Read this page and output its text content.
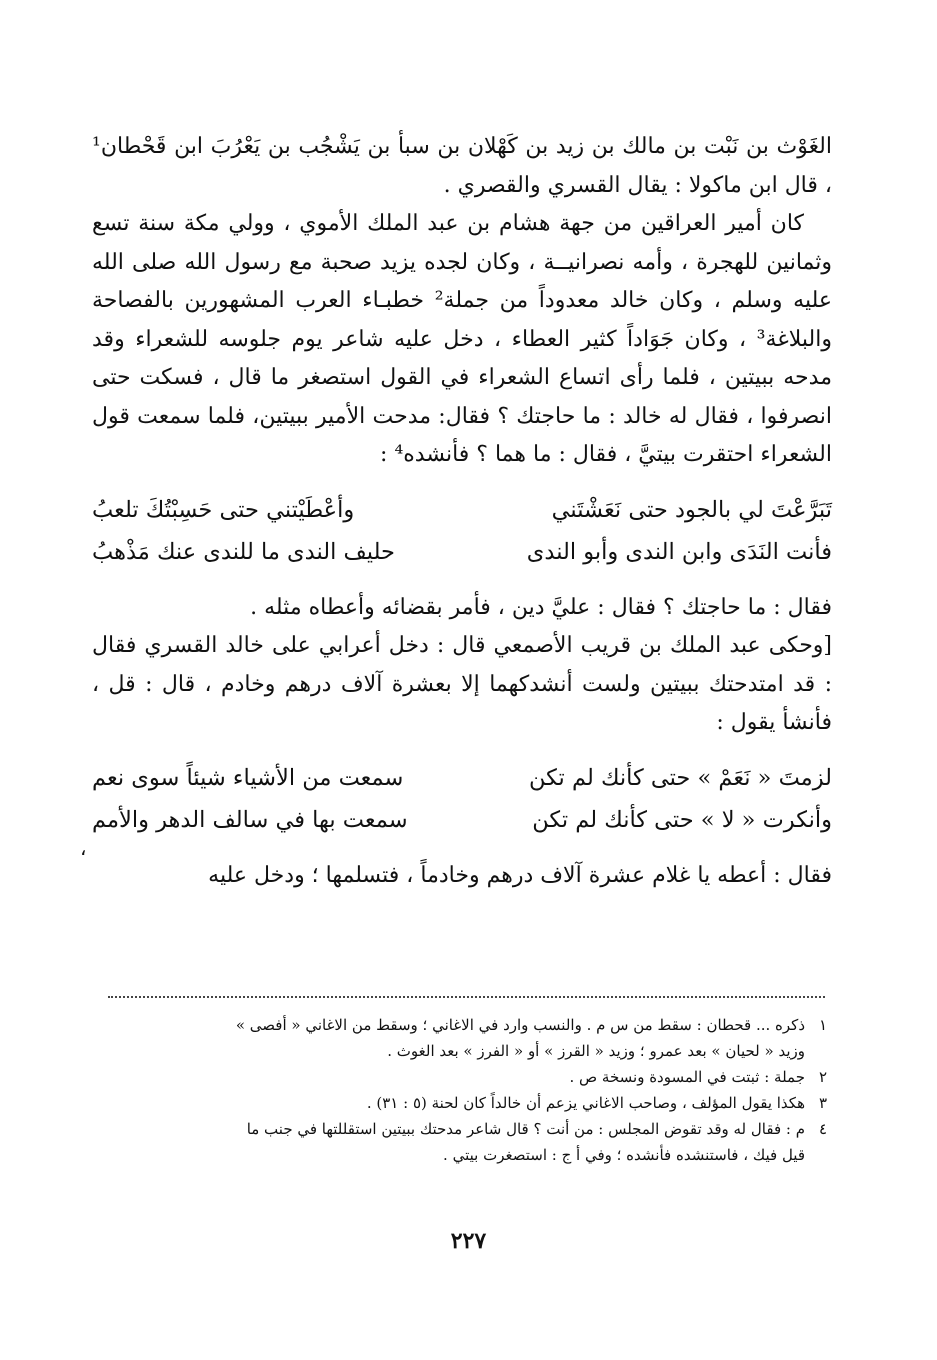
الغَوْث بن نَبْت بن مالك بن زيد بن كَهْلان بن سبأ بن يَشْجُب بن يَعْرُبَ ابن قَحْطان¹ ، قال ابن ماكولا : يقال القسري والقصري .

كان أمير العراقين من جهة هشام بن عبد الملك الأموي ، وولي مكة سنة تسع وثمانين للهجرة ، وأمه نصرانيــة ، وكان لجده يزيد صحبة مع رسول الله صلى الله عليه وسلم ، وكان خالد معدوداً من جملة² خطبـاء العرب المشهورين بالفصاحة والبلاغة³ ، وكان جَوَاداً كثير العطاء ، دخل عليه شاعر يوم جلوسه للشعراء وقد مدحه ببيتين ، فلما رأى اتساع الشعراء في القول استصغر ما قال ، فسكت حتى انصرفوا ، فقال له خالد : ما حاجتك ؟ فقال: مدحت الأمير ببيتين، فلما سمعت قول الشعراء احتقرت بيتيَّ ، فقال : ما هما ؟ فأنشده⁴ :

تَبَرَّعْتَ لي بالجود حتى نَعَشْتَني
وأعْطَيْتني حتى حَسِبْتُكَ تلعبُ
فأنت النَدَى وابن الندى وأبو الندى
حليف الندى ما للندى عنك مَذْهبُ

فقال : ما حاجتك ؟ فقال : عليَّ دين ، فأمر بقضائه وأعطاه مثله .

[وحكى عبد الملك بن قريب الأصمعي قال : دخل أعرابي على خالد القسري فقال : قد امتدحتك ببيتين ولست أنشدكهما إلا بعشرة آلاف درهم وخادم ، قال : قل ، فأنشأ يقول :

لزمتَ « نَعَمْ » حتى كأنك لم تكن
سمعت من الأشياء شيئاً سوى نعم
وأنكرت « لا » حتى كأنك لم تكن
سمعت بها في سالف الدهر والأمم

فقال : أعطه يا غلام عشرة آلاف درهم وخادماً ، فتسلمها ؛ ودخل عليه

،
١
ذكره ... قحطان : سقط من س م . والنسب وارد في الاغاني ؛ وسقط من الاغاني « أفصى »
وزيد « لحيان » بعد عمرو ؛ وزيد « القرز » أو « الفرز » بعد الغوث .
٢
جملة : ثبتت في المسودة ونسخة ص .
٣
هكذا يقول المؤلف ، وصاحب الاغاني يزعم أن خالداً كان لحنة (٥ : ٣١) .
٤
م : فقال له وقد تقوض المجلس : من أنت ؟ قال شاعر مدحتك ببيتين استقللتها في جنب ما
قيل فيك ، فاستنشده فأنشده ؛ وفي أ ج : استصغرت بيتي .
٢٢٧
